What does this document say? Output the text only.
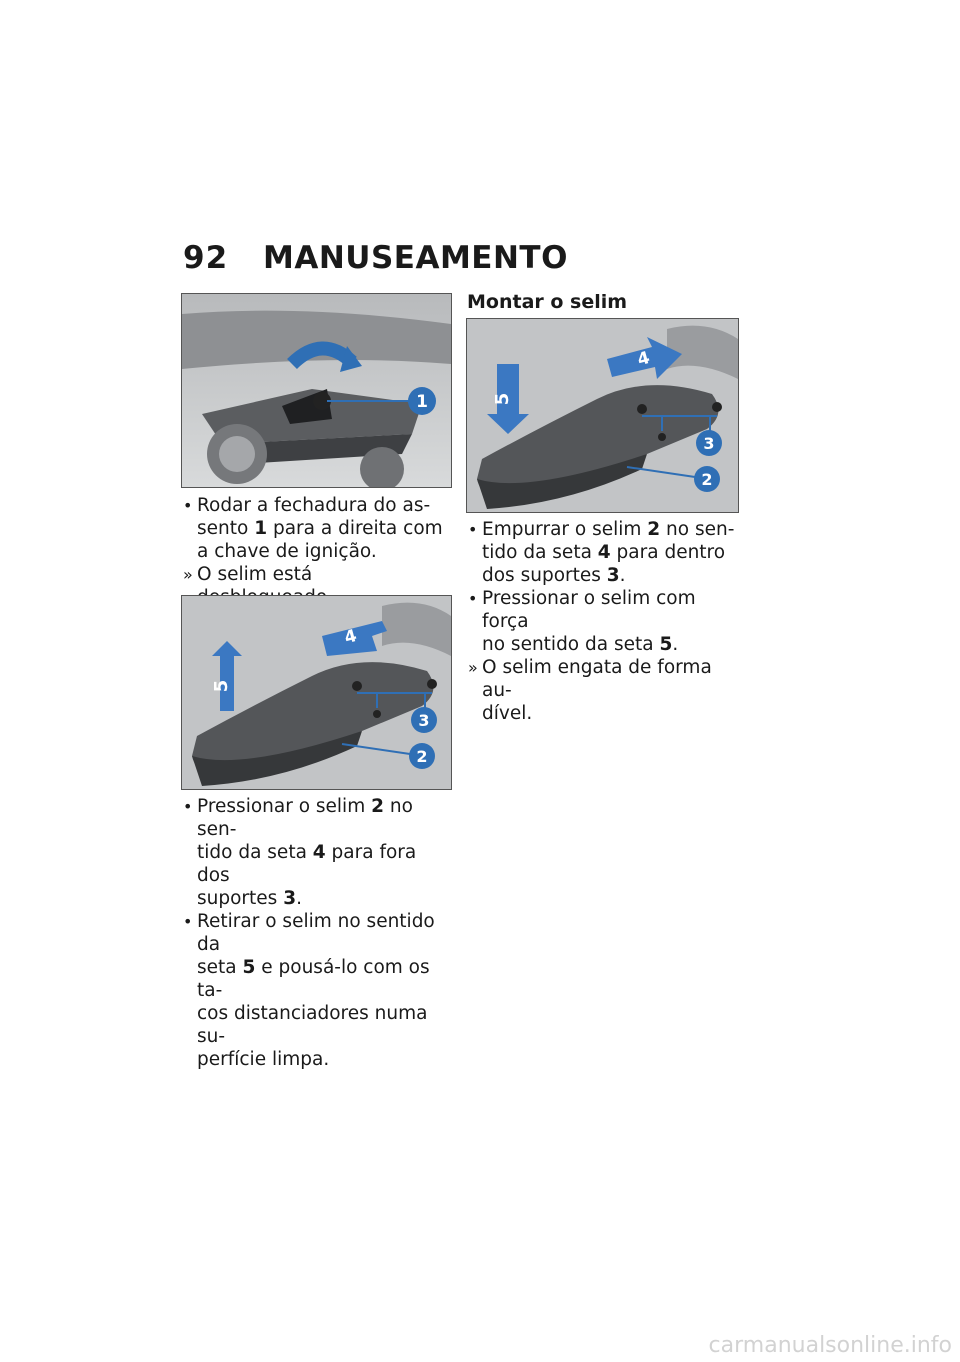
92	MANUSEAMENTO
1

• Rodar a fechadura do as-
sento 1 para a direita com
a chave de ignição.

» O selim está

5
4
3
2

• Pressionar o selim 2 no sen-
tido da seta 4 para fora dos
suportes 3.

• Retirar o selim no sentido da
seta 5 e pousá-lo com os ta-
cos distanciadores numa su-
perfície limpa.

Montar o selim
5
4
3
2

• Empurrar o selim 2 no sen-
tido da seta 4 para dentro
dos suportes 3.

• Pressionar o selim com força
no sentido da seta 5.

» O selim engata de forma au-
dível.

carmanualsonline.info
